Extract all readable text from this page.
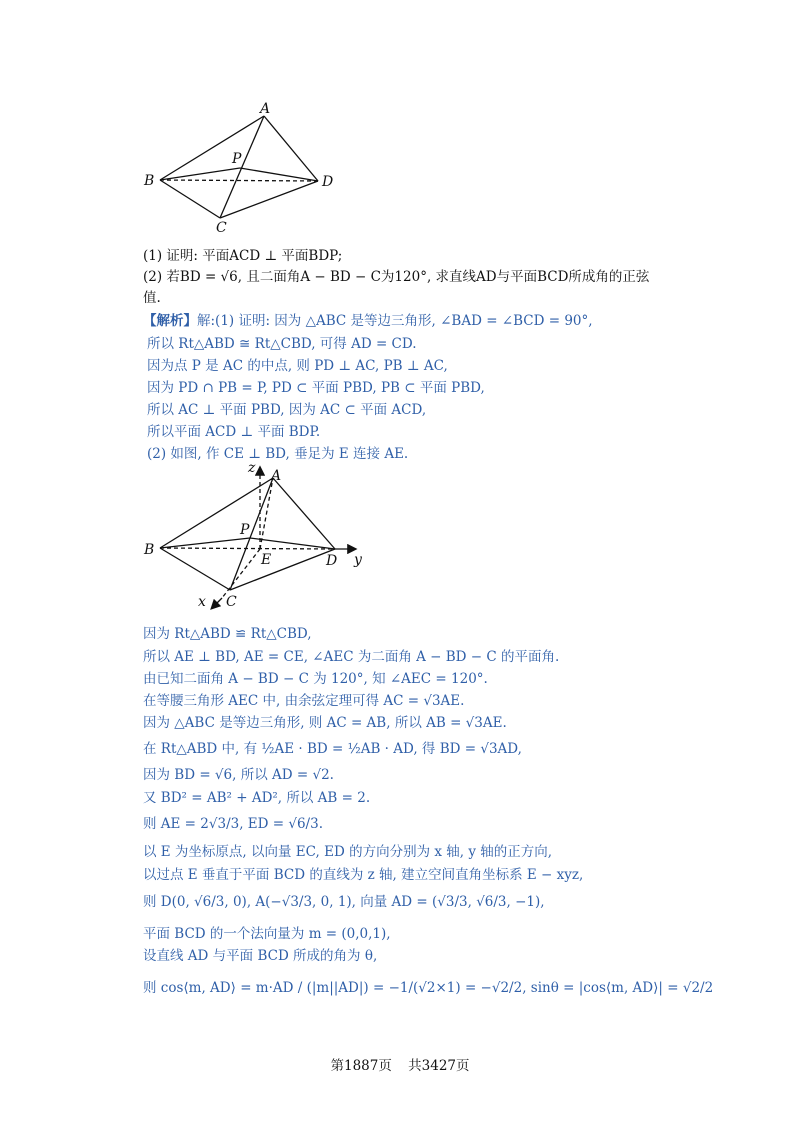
A
B
C
D
P
(1) 证明: 平面ACD ⊥ 平面BDP;
(2) 若BD = √6, 且二面角A − BD − C为120°, 求直线AD与平面BCD所成角的正弦
值.
【解析】解:(1) 证明: 因为 △ABC 是等边三角形, ∠BAD = ∠BCD = 90°,
所以 Rt△ABD ≅ Rt△CBD, 可得 AD = CD.
因为点 P 是 AC 的中点, 则 PD ⊥ AC, PB ⊥ AC,
因为 PD ∩ PB = P, PD ⊂ 平面 PBD, PB ⊂ 平面 PBD,
所以 AC ⊥ 平面 PBD, 因为 AC ⊂ 平面 ACD,
所以平面 ACD ⊥ 平面 BDP.
(2) 如图, 作 CE ⊥ BD, 垂足为 E 连接 AE.
A
B
C
D
P
E
x
y
z
因为 Rt△ABD ≌ Rt△CBD,
所以 AE ⊥ BD, AE = CE, ∠AEC 为二面角 A − BD − C 的平面角.
由已知二面角 A − BD − C 为 120°, 知 ∠AEC = 120°.
在等腰三角形 AEC 中, 由余弦定理可得 AC = √3AE.
因为 △ABC 是等边三角形, 则 AC = AB, 所以 AB = √3AE.
在 Rt△ABD 中, 有 ½AE · BD = ½AB · AD, 得 BD = √3AD,
因为 BD = √6, 所以 AD = √2.
又 BD² = AB² + AD², 所以 AB = 2.
则 AE = 2√3/3, ED = √6/3.
以 E 为坐标原点, 以向量 EC, ED 的方向分别为 x 轴, y 轴的正方向,
以过点 E 垂直于平面 BCD 的直线为 z 轴, 建立空间直角坐标系 E − xyz,
则 D(0, √6/3, 0), A(−√3/3, 0, 1), 向量 AD = (√3/3, √6/3, −1),
平面 BCD 的一个法向量为 m = (0,0,1),
设直线 AD 与平面 BCD 所成的角为 θ,
则 cos⟨m, AD⟩ = m·AD / (|m||AD|) = −1/(√2×1) = −√2/2, sinθ = |cos⟨m, AD⟩| = √2/2
第1887页 共3427页
